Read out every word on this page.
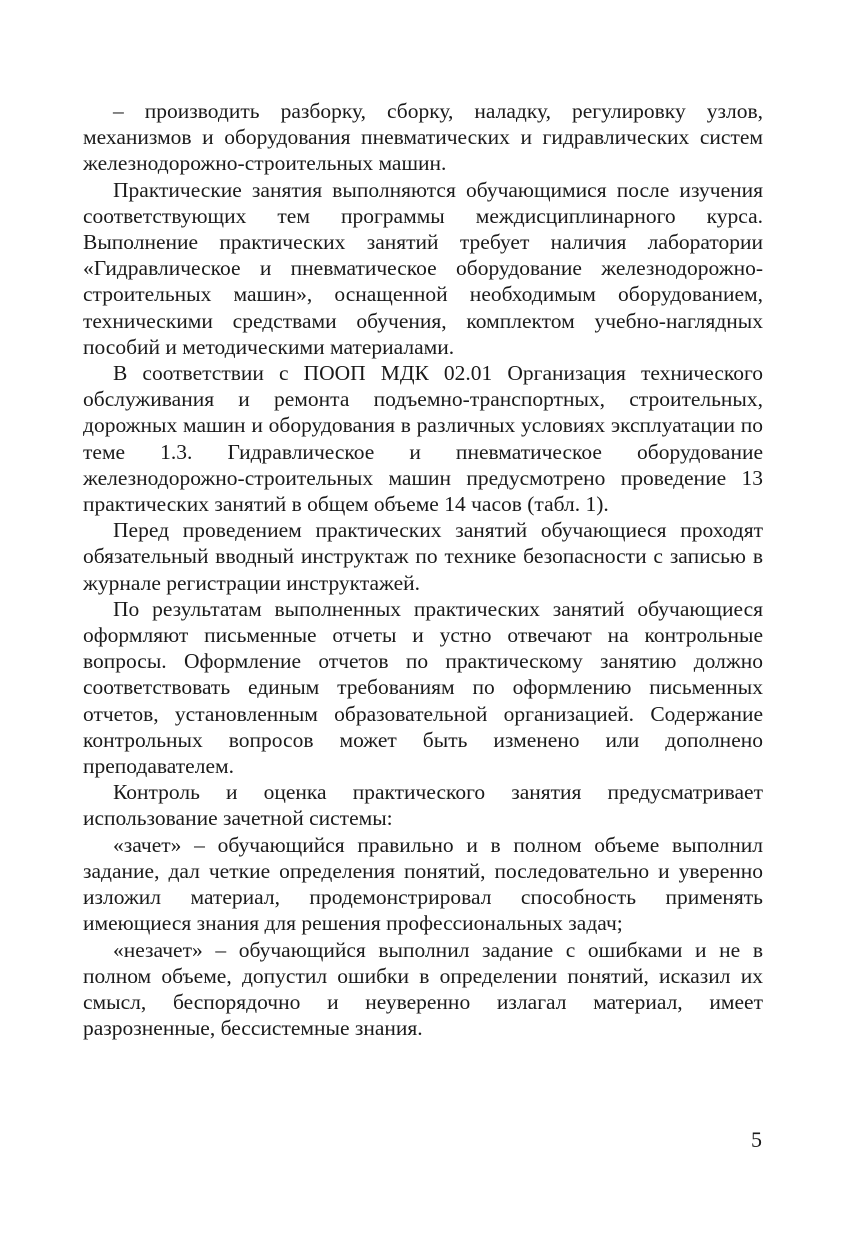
– производить разборку, сборку, наладку, регулировку узлов, механизмов и оборудования пневматических и гидравлических систем железнодорожно-строительных машин.

Практические занятия выполняются обучающимися после изучения соответствующих тем программы междисциплинарного курса. Выполнение практических занятий требует наличия лаборатории «Гидравлическое и пневматическое оборудование железнодорожно-строительных машин», оснащенной необходимым оборудованием, техническими средствами обучения, комплектом учебно-наглядных пособий и методическими материалами.

В соответствии с ПООП МДК 02.01 Организация технического обслуживания и ремонта подъемно-транспортных, строительных, дорожных машин и оборудования в различных условиях эксплуатации по теме 1.3. Гидравлическое и пневматическое оборудование железнодорожно-строительных машин предусмотрено проведение 13 практических занятий в общем объеме 14 часов (табл. 1).

Перед проведением практических занятий обучающиеся проходят обязательный вводный инструктаж по технике безопасности с записью в журнале регистрации инструктажей.

По результатам выполненных практических занятий обучающиеся оформляют письменные отчеты и устно отвечают на контрольные вопросы. Оформление отчетов по практическому занятию должно соответствовать единым требованиям по оформлению письменных отчетов, установленным образовательной организацией. Содержание контрольных вопросов может быть изменено или дополнено преподавателем.

Контроль и оценка практического занятия предусматривает использование зачетной системы:

«зачет» – обучающийся правильно и в полном объеме выполнил задание, дал четкие определения понятий, последовательно и уверенно изложил материал, продемонстрировал способность применять имеющиеся знания для решения профессиональных задач;

«незачет» – обучающийся выполнил задание с ошибками и не в полном объеме, допустил ошибки в определении понятий, исказил их смысл, беспорядочно и неуверенно излагал материал, имеет разрозненные, бессистемные знания.

5
